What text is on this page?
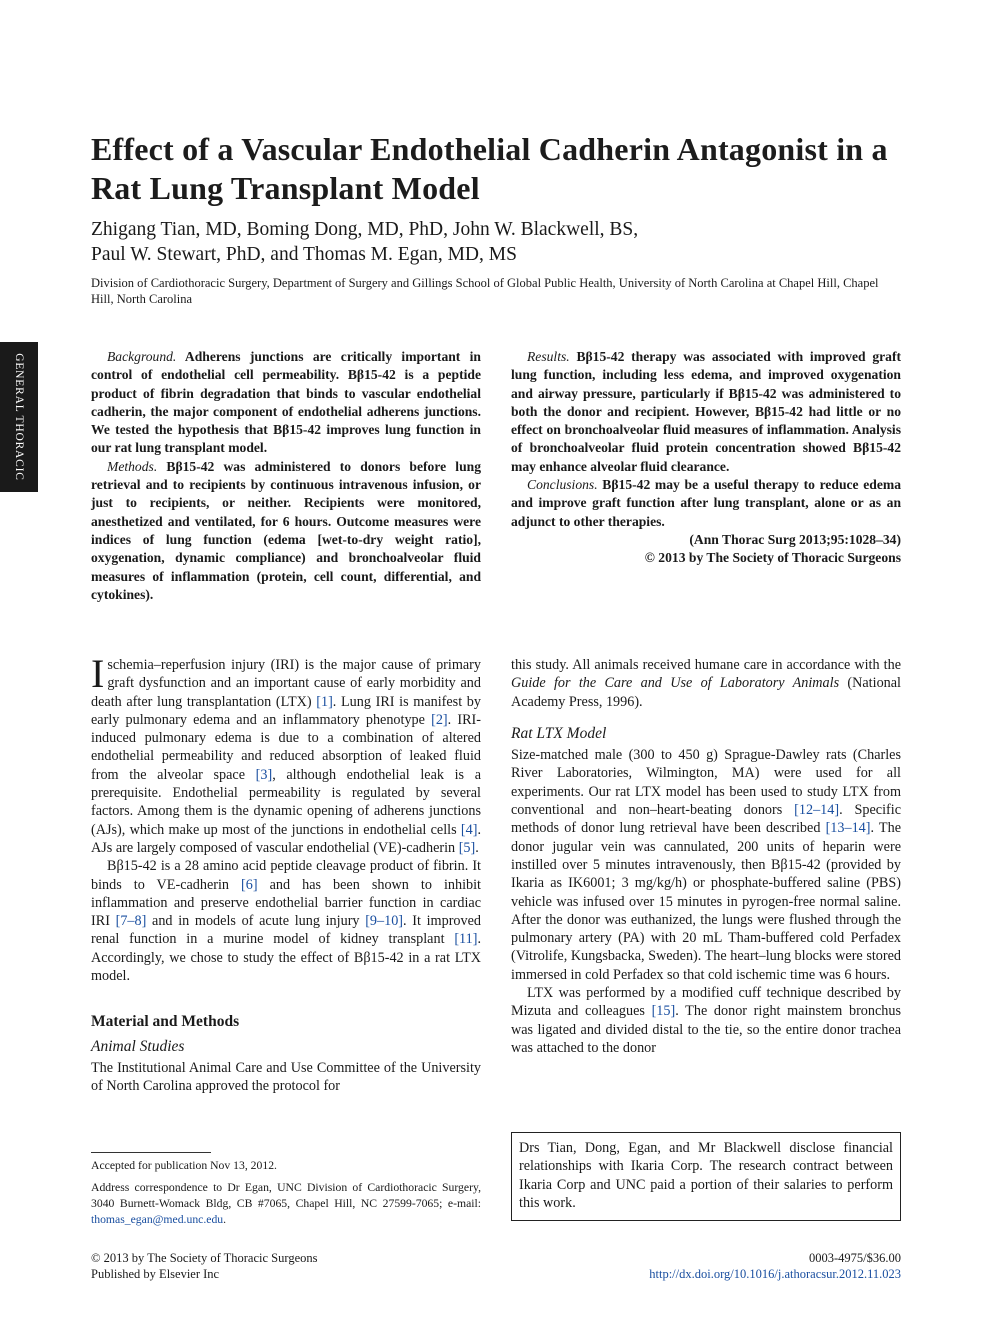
Effect of a Vascular Endothelial Cadherin Antagonist in a Rat Lung Transplant Model
Zhigang Tian, MD, Boming Dong, MD, PhD, John W. Blackwell, BS,
Paul W. Stewart, PhD, and Thomas M. Egan, MD, MS
Division of Cardiothoracic Surgery, Department of Surgery and Gillings School of Global Public Health, University of North Carolina at Chapel Hill, Chapel Hill, North Carolina
GENERAL THORACIC	Background. Adherens junctions are critically important in control of endothelial cell permeability. Bβ15-42 is a peptide product of fibrin degradation that binds to vascular endothelial cadherin, the major component of endothelial adherens junctions. We tested the hypothesis that Bβ15-42 improves lung function in our rat lung transplant model.

Methods. Bβ15-42 was administered to donors before lung retrieval and to recipients by continuous intravenous infusion, or just to recipients, or neither. Recipients were monitored, anesthetized and ventilated, for 6 hours. Outcome measures were indices of lung function (edema [wet-to-dry weight ratio], oxygenation, dynamic compliance) and bronchoalveolar fluid measures of inflammation (protein, cell count, differential, and cytokines).

Results. Bβ15-42 therapy was associated with improved graft lung function, including less edema, and improved oxygenation and airway pressure, particularly if Bβ15-42 was administered to both the donor and recipient. However, Bβ15-42 had little or no effect on bronchoalveolar fluid measures of inflammation. Analysis of bronchoalveolar fluid protein concentration showed Bβ15-42 may enhance alveolar fluid clearance.

Conclusions. Bβ15-42 may be a useful therapy to reduce edema and improve graft function after lung transplant, alone or as an adjunct to other therapies.

(Ann Thorac Surg 2013;95:1028–34)

© 2013 by The Society of Thoracic Surgeons

Ischemia–reperfusion injury (IRI) is the major cause of primary graft dysfunction and an important cause of early morbidity and death after lung transplantation (LTX) [1]. Lung IRI is manifest by early pulmonary edema and an inflammatory phenotype [2]. IRI-induced pulmonary edema is due to a combination of altered endothelial permeability and reduced absorption of leaked fluid from the alveolar space [3], although endothelial leak is a prerequisite. Endothelial permeability is regulated by several factors. Among them is the dynamic opening of adherens junctions (AJs), which make up most of the junctions in endothelial cells [4]. AJs are largely composed of vascular endothelial (VE)-cadherin [5].

Bβ15-42 is a 28 amino acid peptide cleavage product of fibrin. It binds to VE-cadherin [6] and has been shown to inhibit inflammation and preserve endothelial barrier function in cardiac IRI [7–8] and in models of acute lung injury [9–10]. It improved renal function in a murine model of kidney transplant [11]. Accordingly, we chose to study the effect of Bβ15-42 in a rat LTX model.

Material and Methods
Animal Studies

The Institutional Animal Care and Use Committee of the University of North Carolina approved the protocol for

this study. All animals received humane care in accordance with the Guide for the Care and Use of Laboratory Animals (National Academy Press, 1996).

Rat LTX Model

Size-matched male (300 to 450 g) Sprague-Dawley rats (Charles River Laboratories, Wilmington, MA) were used for all experiments. Our rat LTX model has been used to study LTX from conventional and non–heart-beating donors [12–14]. Specific methods of donor lung retrieval have been described [13–14]. The donor jugular vein was cannulated, 200 units of heparin were instilled over 5 minutes intravenously, then Bβ15-42 (provided by Ikaria as IK6001; 3 mg/kg/h) or phosphate-buffered saline (PBS) vehicle was infused over 15 minutes in pyrogen-free normal saline. After the donor was euthanized, the lungs were flushed through the pulmonary artery (PA) with 20 mL Tham-buffered cold Perfadex (Vitrolife, Kungsbacka, Sweden). The heart–lung blocks were stored immersed in cold Perfadex so that cold ischemic time was 6 hours.

LTX was performed by a modified cuff technique described by Mizuta and colleagues [15]. The donor right mainstem bronchus was ligated and divided distal to the tie, so the entire donor trachea was attached to the donor

Accepted for publication Nov 13, 2012.

Address correspondence to Dr Egan, UNC Division of Cardiothoracic Surgery, 3040 Burnett-Womack Bldg, CB #7065, Chapel Hill, NC 27599-7065; e-mail: thomas_egan@med.unc.edu.

Drs Tian, Dong, Egan, and Mr Blackwell disclose financial relationships with Ikaria Corp. The research contract between Ikaria Corp and UNC paid a portion of their salaries to perform this work.
© 2013 by The Society of Thoracic Surgeons
Published by Elsevier Inc
0003-4975/$36.00
http://dx.doi.org/10.1016/j.athoracsur.2012.11.023
